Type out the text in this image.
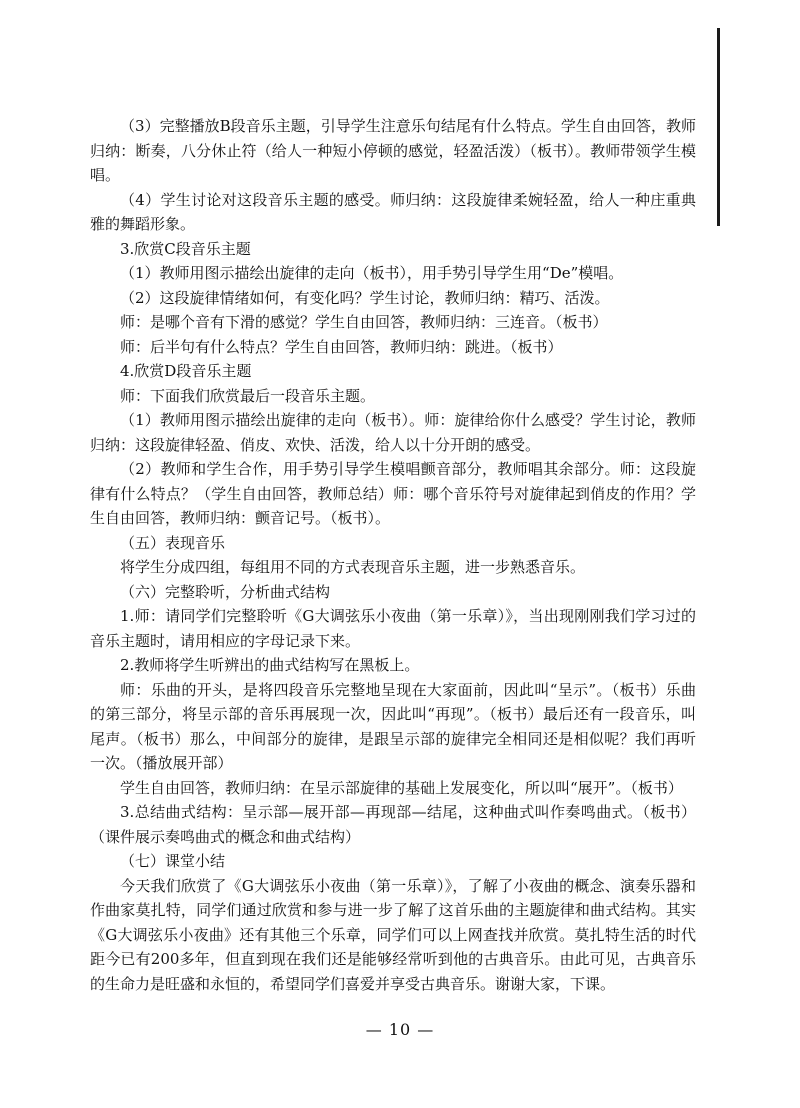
（3）完整播放B段音乐主题，引导学生注意乐句结尾有什么特点。学生自由回答，教师归纳：断奏，八分休止符（给人一种短小停顿的感觉，轻盈活泼）（板书）。教师带领学生模唱。

（4）学生讨论对这段音乐主题的感受。师归纳：这段旋律柔婉轻盈，给人一种庄重典雅的舞蹈形象。

3.欣赏C段音乐主题

（1）教师用图示描绘出旋律的走向（板书），用手势引导学生用“De”模唱。

（2）这段旋律情绪如何，有变化吗？学生讨论，教师归纳：精巧、活泼。

师：是哪个音有下滑的感觉？学生自由回答，教师归纳：三连音。（板书）

师：后半句有什么特点？学生自由回答，教师归纳：跳进。（板书）

4.欣赏D段音乐主题

师：下面我们欣赏最后一段音乐主题。

（1）教师用图示描绘出旋律的走向（板书）。师：旋律给你什么感受？学生讨论，教师归纳：这段旋律轻盈、俏皮、欢快、活泼，给人以十分开朗的感受。

（2）教师和学生合作，用手势引导学生模唱颤音部分，教师唱其余部分。师：这段旋律有什么特点？（学生自由回答，教师总结）师：哪个音乐符号对旋律起到俏皮的作用？学生自由回答，教师归纳：颤音记号。（板书）。

（五）表现音乐

将学生分成四组，每组用不同的方式表现音乐主题，进一步熟悉音乐。

（六）完整聆听，分析曲式结构

1.师：请同学们完整聆听《G大调弦乐小夜曲（第一乐章）》，当出现刚刚我们学习过的音乐主题时，请用相应的字母记录下来。

2.教师将学生听辨出的曲式结构写在黑板上。

师：乐曲的开头，是将四段音乐完整地呈现在大家面前，因此叫“呈示”。（板书）乐曲的第三部分，将呈示部的音乐再展现一次，因此叫“再现”。（板书）最后还有一段音乐，叫尾声。（板书）那么，中间部分的旋律，是跟呈示部的旋律完全相同还是相似呢？我们再听一次。（播放展开部）

学生自由回答，教师归纳：在呈示部旋律的基础上发展变化，所以叫“展开”。（板书）

3.总结曲式结构：呈示部—展开部—再现部—结尾，这种曲式叫作奏鸣曲式。（板书）（课件展示奏鸣曲式的概念和曲式结构）

（七）课堂小结

今天我们欣赏了《G大调弦乐小夜曲（第一乐章）》，了解了小夜曲的概念、演奏乐器和作曲家莫扎特，同学们通过欣赏和参与进一步了解了这首乐曲的主题旋律和曲式结构。其实《G大调弦乐小夜曲》还有其他三个乐章，同学们可以上网查找并欣赏。莫扎特生活的时代距今已有200多年，但直到现在我们还是能够经常听到他的古典音乐。由此可见，古典音乐的生命力是旺盛和永恒的，希望同学们喜爱并享受古典音乐。谢谢大家，下课。

— 10 —
